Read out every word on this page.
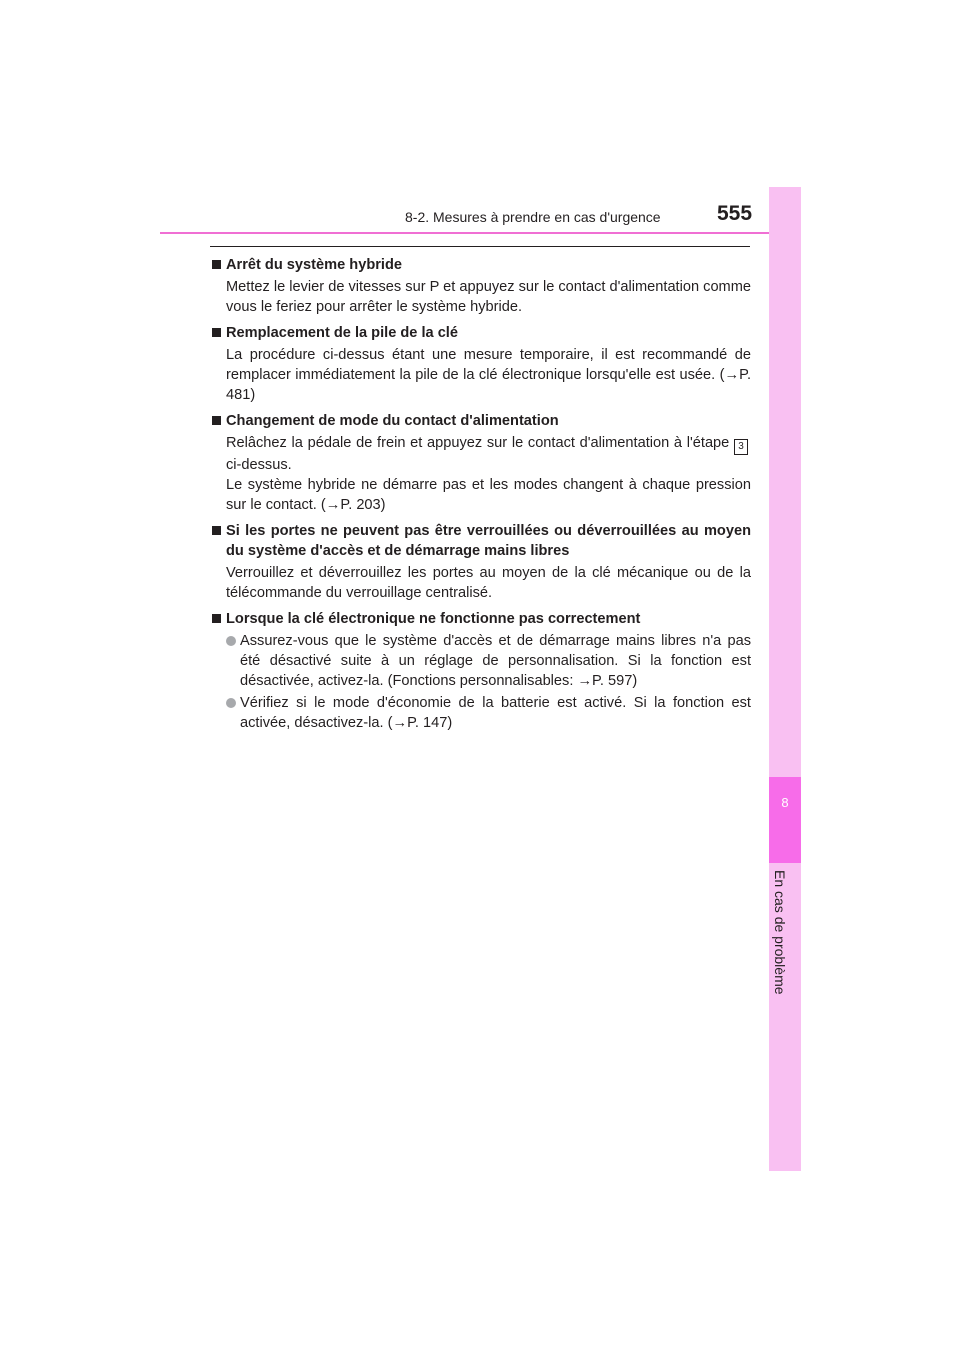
8-2. Mesures à prendre en cas d'urgence	555
8
En cas de problème
Arrêt du système hybride
Mettez le levier de vitesses sur P et appuyez sur le contact d'alimentation comme vous le feriez pour arrêter le système hybride.
Remplacement de la pile de la clé
La procédure ci-dessus étant une mesure temporaire, il est recommandé de remplacer immédiatement la pile de la clé électronique lorsqu'elle est usée. (→P. 481)
Changement de mode du contact d'alimentation
Relâchez la pédale de frein et appuyez sur le contact d'alimentation à l'étape 3ci-dessus.
Le système hybride ne démarre pas et les modes changent à chaque pression sur le contact. (→P. 203)
Si les portes ne peuvent pas être verrouillées ou déverrouillées au moyen du système d'accès et de démarrage mains libres
Verrouillez et déverrouillez les portes au moyen de la clé mécanique ou de la télécommande du verrouillage centralisé.
Lorsque la clé électronique ne fonctionne pas correctement
Assurez-vous que le système d'accès et de démarrage mains libres n'a pas été désactivé suite à un réglage de personnalisation. Si la fonction est désactivée, activez-la. (Fonctions personnalisables: →P. 597)
Vérifiez si le mode d'économie de la batterie est activé. Si la fonction est activée, désactivez-la. (→P. 147)
